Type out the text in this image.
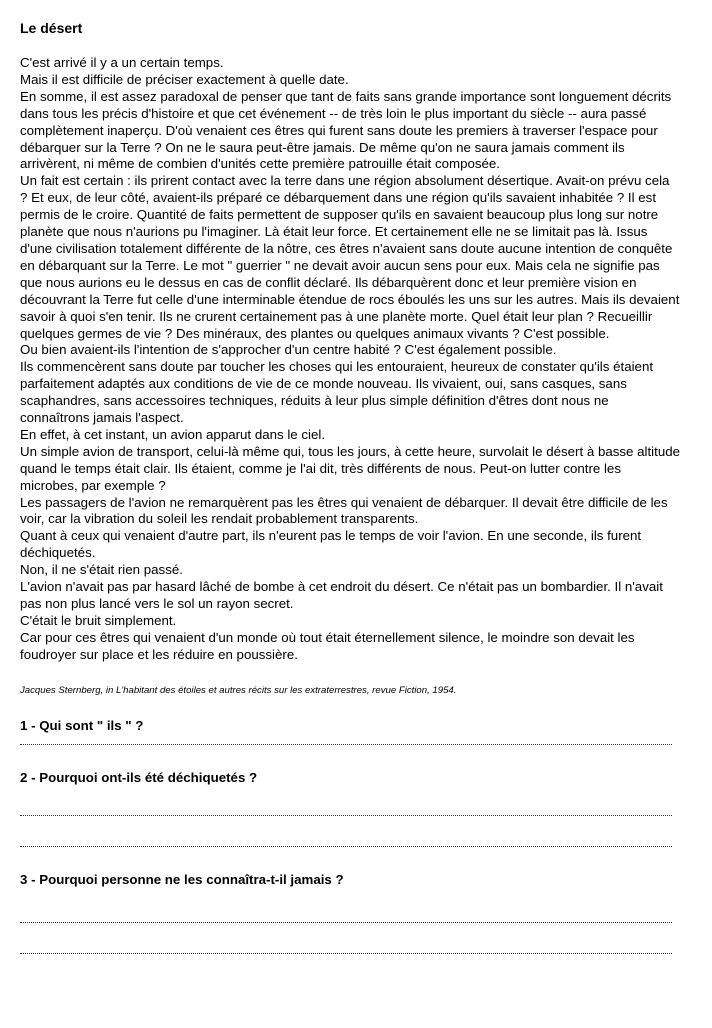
Le désert

C'est arrivé il y a un certain temps.

Mais il est difficile de préciser exactement à quelle date.

En somme, il est assez paradoxal de penser que tant de faits sans grande importance sont longuement décrits dans tous les précis d'histoire et que cet événement -- de très loin le plus important du siècle -- aura passé complètement inaperçu. D'où venaient ces êtres qui furent sans doute les premiers à traverser l'espace pour débarquer sur la Terre ? On ne le saura peut-être jamais. De même qu'on ne saura jamais comment ils arrivèrent, ni même de combien d'unités cette première patrouille était composée.

Un fait est certain : ils prirent contact avec la terre dans une région absolument désertique. Avait-on prévu cela ? Et eux, de leur côté, avaient-ils préparé ce débarquement dans une région qu'ils savaient inhabitée ? Il est permis de le croire. Quantité de faits permettent de supposer qu'ils en savaient beaucoup plus long sur notre planète que nous n'aurions pu l'imaginer. Là était leur force. Et certainement elle ne se limitait pas là. Issus d'une civilisation totalement différente de la nôtre, ces êtres n'avaient sans doute aucune intention de conquête en débarquant sur la Terre. Le mot " guerrier " ne devait avoir aucun sens pour eux. Mais cela ne signifie pas que nous aurions eu le dessus en cas de conflit déclaré. Ils débarquèrent donc et leur première vision en découvrant la Terre fut celle d'une interminable étendue de rocs éboulés les uns sur les autres. Mais ils devaient savoir à quoi s'en tenir. Ils ne crurent certainement pas à une planète morte. Quel était leur plan ? Recueillir quelques germes de vie ? Des minéraux, des plantes ou quelques animaux vivants ? C'est possible.

Ou bien avaient-ils l'intention de s'approcher d'un centre habité ? C'est également possible.

Ils commencèrent sans doute par toucher les choses qui les entouraient, heureux de constater qu'ils étaient parfaitement adaptés aux conditions de vie de ce monde nouveau. Ils vivaient, oui, sans casques, sans scaphandres, sans accessoires techniques, réduits à leur plus simple définition d'êtres dont nous ne connaîtrons jamais l'aspect.

En effet, à cet instant, un avion apparut dans le ciel.

Un simple avion de transport, celui-là même qui, tous les jours, à cette heure, survolait le désert à basse altitude quand le temps était clair. Ils étaient, comme je l'ai dit, très différents de nous. Peut-on lutter contre les microbes, par exemple ?

Les passagers de l'avion ne remarquèrent pas les êtres qui venaient de débarquer. Il devait être difficile de les voir, car la vibration du soleil les rendait probablement transparents.

Quant à ceux qui venaient d'autre part, ils n'eurent pas le temps de voir l'avion. En une seconde, ils furent déchiquetés.

Non, il ne s'était rien passé.

L'avion n'avait pas par hasard lâché de bombe à cet endroit du désert. Ce n'était pas un bombardier. Il n'avait pas non plus lancé vers le sol un rayon secret.

C'était le bruit simplement.

Car pour ces êtres qui venaient d'un monde où tout était éternellement silence, le moindre son devait les foudroyer sur place et les réduire en poussière.

Jacques Sternberg, in L'habitant des étoiles et autres récits sur les extraterrestres, revue Fiction, 1954.
1 - Qui sont " ils " ?
2 - Pourquoi ont-ils été déchiquetés ?
3 - Pourquoi personne ne les connaîtra-t-il jamais ?
